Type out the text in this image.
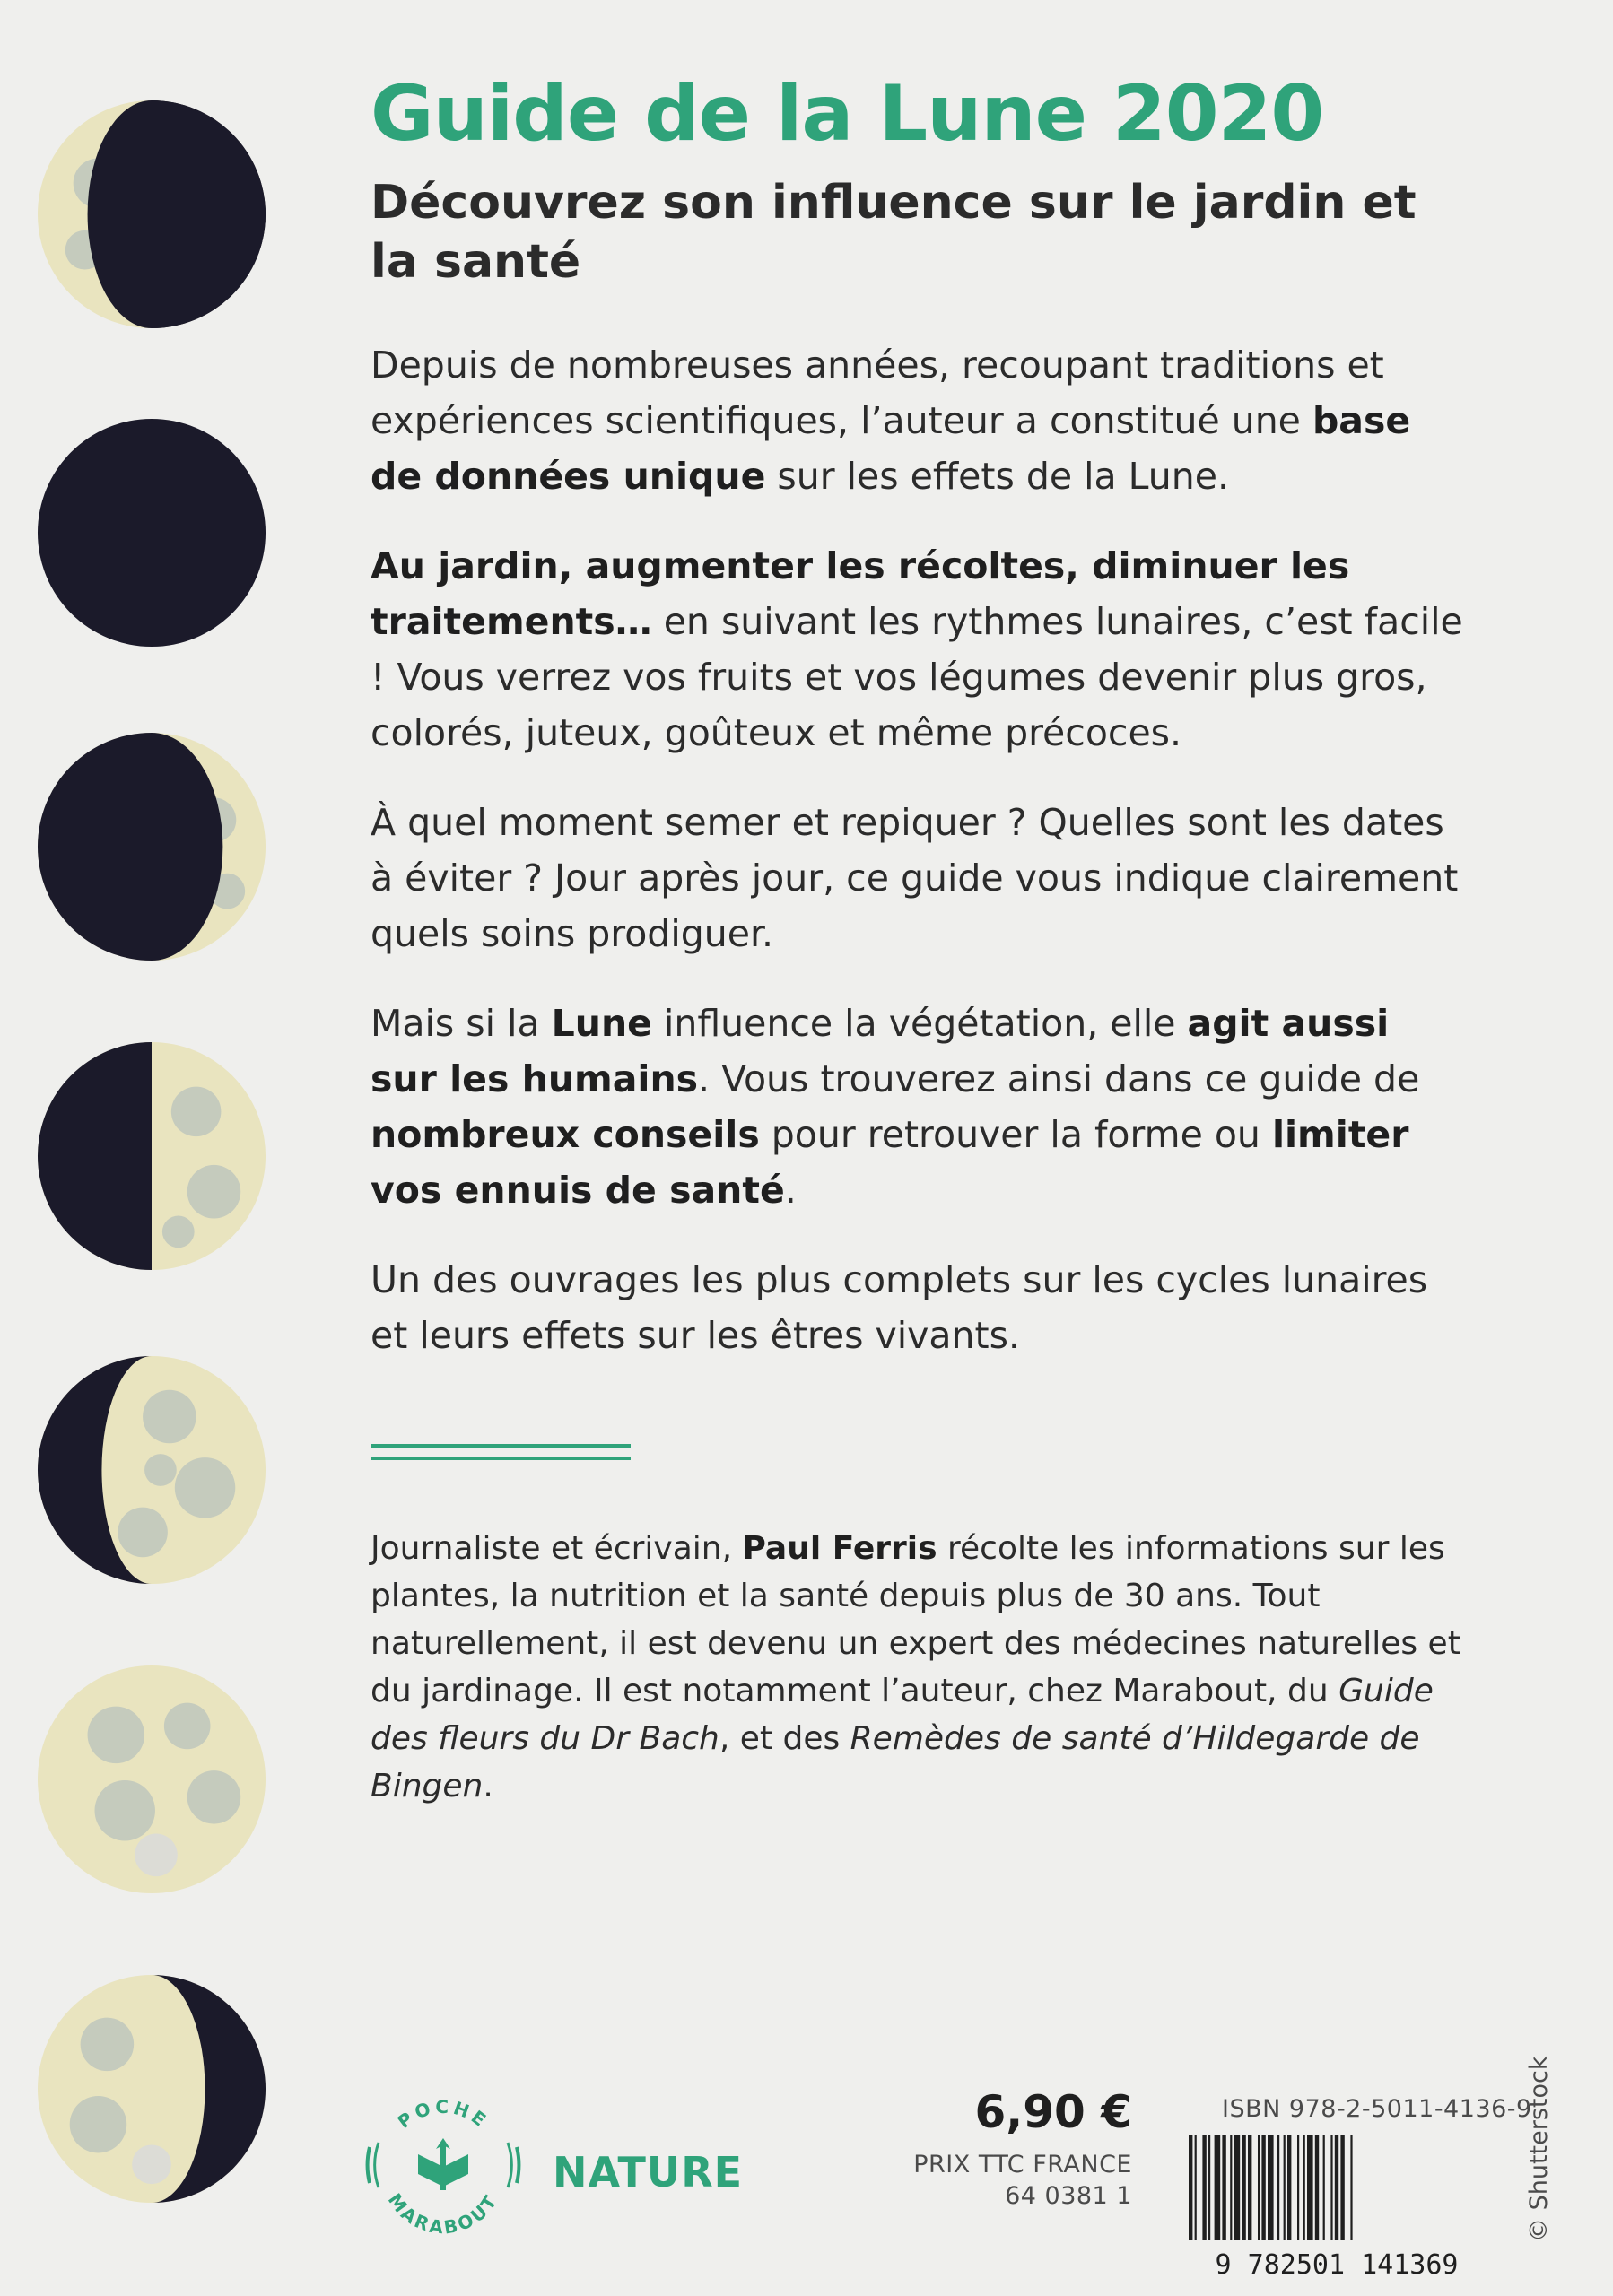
Guide de la Lune 2020
Découvrez son influence sur le jardin et la santé

Depuis de nombreuses années, recoupant traditions et expériences scientifiques, l’auteur a constitué une base de données unique sur les effets de la Lune.

Au jardin, augmenter les récoltes, diminuer les traitements… en suivant les rythmes lunaires, c’est facile ! Vous verrez vos fruits et vos légumes devenir plus gros, colorés, juteux, goûteux et même précoces.

À quel moment semer et repiquer ? Quelles sont les dates à éviter ? Jour après jour, ce guide vous indique clairement quels soins prodiguer.

Mais si la Lune influence la végétation, elle agit aussi sur les humains. Vous trouverez ainsi dans ce guide de nombreux conseils pour retrouver la forme ou limiter vos ennuis de santé.

Un des ouvrages les plus complets sur les cycles lunaires et leurs effets sur les êtres vivants.

Journaliste et écrivain, Paul Ferris récolte les informations sur les plantes, la nutrition et la santé depuis plus de 30 ans. Tout naturellement, il est devenu un expert des médecines naturelles et du jardinage. Il est notamment l’auteur, chez Marabout, du Guide des fleurs du Dr Bach, et des Remèdes de santé d’Hildegarde de Bingen.

POCHE
MARABOUT
NATURE
6,90 €
PRIX TTC FRANCE
64 0381 1
ISBN 978-2-5011-4136-9
9 782501 141369
© Shutterstock
